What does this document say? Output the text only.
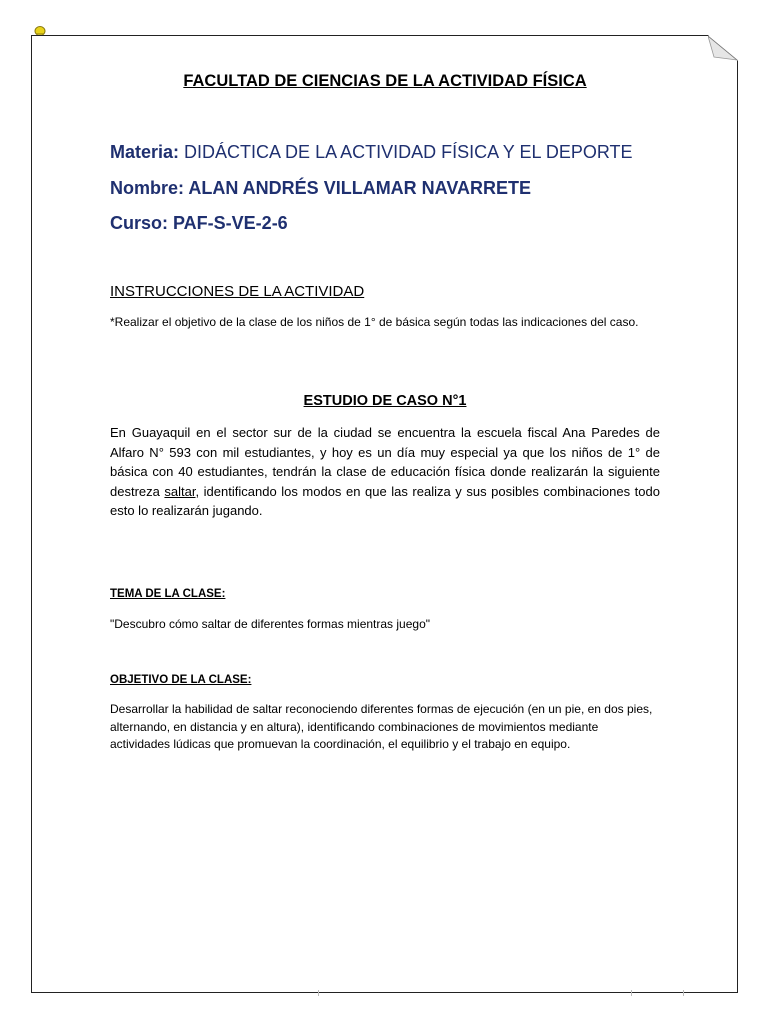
FACULTAD DE CIENCIAS DE LA ACTIVIDAD FÍSICA
Materia: DIDÁCTICA DE LA ACTIVIDAD FÍSICA Y EL DEPORTE
Nombre: ALAN ANDRÉS VILLAMAR NAVARRETE
Curso: PAF-S-VE-2-6
INSTRUCCIONES DE LA ACTIVIDAD
*Realizar el objetivo de la clase de los niños de 1° de básica según todas las indicaciones del caso.
ESTUDIO DE CASO N°1
En Guayaquil en el sector sur de la ciudad se encuentra la escuela fiscal Ana Paredes de Alfaro N° 593 con mil estudiantes, y hoy es un día muy especial ya que los niños de 1° de básica con 40 estudiantes, tendrán la clase de educación física donde realizarán la siguiente destreza saltar, identificando los modos en que las realiza y sus posibles combinaciones todo esto lo realizarán jugando.
TEMA DE LA CLASE:
"Descubro cómo saltar de diferentes formas mientras juego"
OBJETIVO DE LA CLASE:
Desarrollar la habilidad de saltar reconociendo diferentes formas de ejecución (en un pie, en dos pies, alternando, en distancia y en altura), identificando combinaciones de movimientos mediante actividades lúdicas que promuevan la coordinación, el equilibrio y el trabajo en equipo.
